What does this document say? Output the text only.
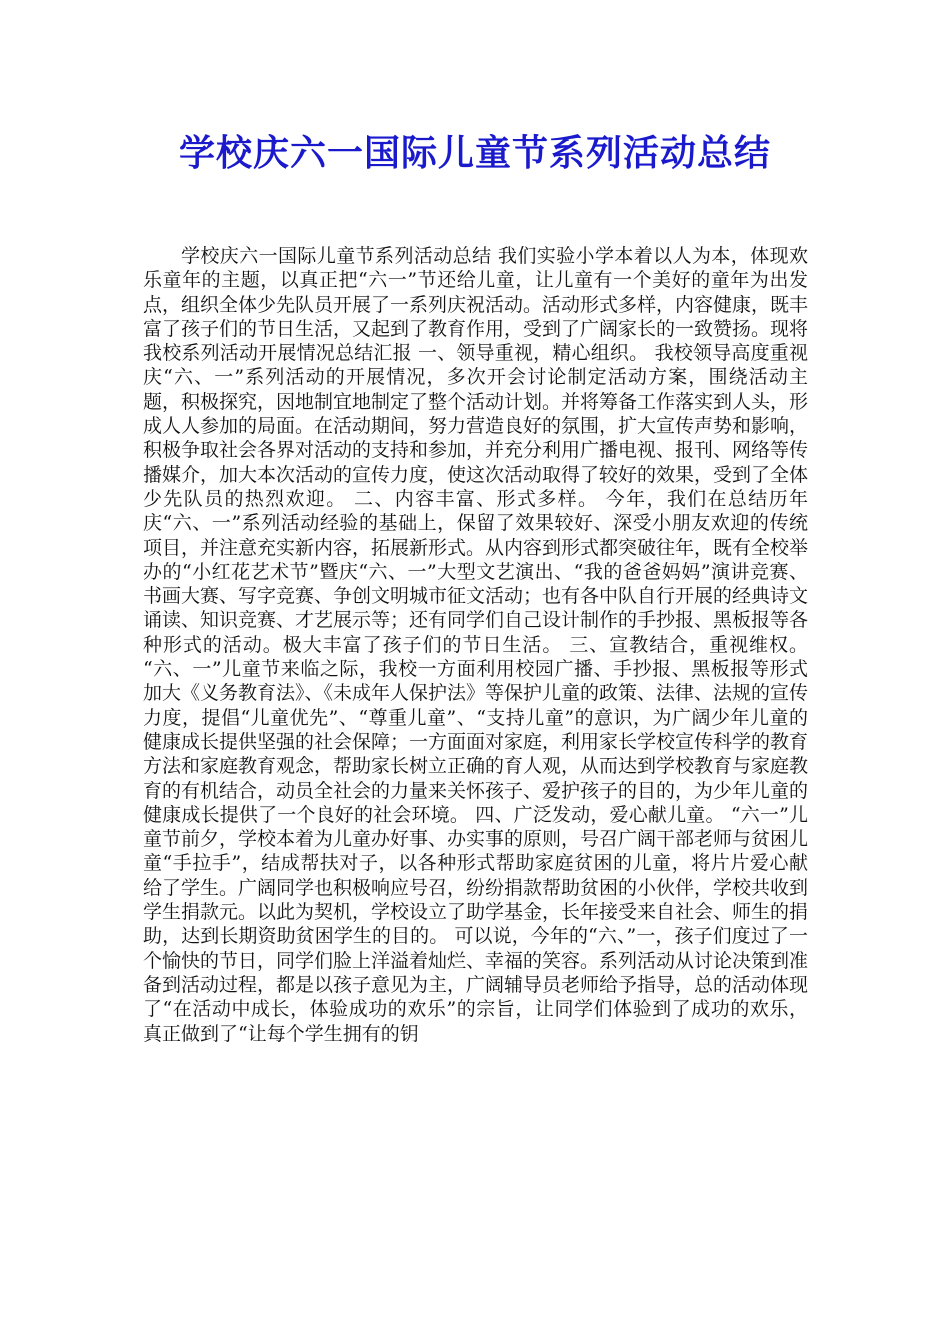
学校庆六一国际儿童节系列活动总结

学校庆六一国际儿童节系列活动总结 我们实验小学本着以人为本，体现欢乐童年的主题，以真正把“六一”节还给儿童，让儿童有一个美好的童年为出发点，组织全体少先队员开展了一系列庆祝活动。活动形式多样，内容健康，既丰富了孩子们的节日生活，又起到了教育作用，受到了广阔家长的一致赞扬。现将我校系列活动开展情况总结汇报 一、领导重视，精心组织。 我校领导高度重视庆“六、一”系列活动的开展情况，多次开会讨论制定活动方案，围绕活动主题，积极探究，因地制宜地制定了整个活动计划。并将筹备工作落实到人头，形成人人参加的局面。在活动期间，努力营造良好的氛围，扩大宣传声势和影响，积极争取社会各界对活动的支持和参加，并充分利用广播电视、报刊、网络等传播媒介，加大本次活动的宣传力度，使这次活动取得了较好的效果，受到了全体少先队员的热烈欢迎。 二、内容丰富、形式多样。 今年，我们在总结历年庆“六、一”系列活动经验的基础上，保留了效果较好、深受小朋友欢迎的传统项目，并注意充实新内容，拓展新形式。从内容到形式都突破往年，既有全校举办的“小红花艺术节”暨庆“六、一”大型文艺演出、“我的爸爸妈妈”演讲竞赛、书画大赛、写字竞赛、争创文明城市征文活动；也有各中队自行开展的经典诗文诵读、知识竞赛、才艺展示等；还有同学们自己设计制作的手抄报、黑板报等各种形式的活动。极大丰富了孩子们的节日生活。 三、宣教结合，重视维权。 “六、一”儿童节来临之际，我校一方面利用校园广播、手抄报、黑板报等形式加大《义务教育法》、《未成年人保护法》等保护儿童的政策、法律、法规的宣传力度，提倡“儿童优先”、“尊重儿童”、“支持儿童”的意识，为广阔少年儿童的健康成长提供坚强的社会保障；一方面面对家庭，利用家长学校宣传科学的教育方法和家庭教育观念，帮助家长树立正确的育人观，从而达到学校教育与家庭教育的有机结合，动员全社会的力量来关怀孩子、爱护孩子的目的，为少年儿童的健康成长提供了一个良好的社会环境。 四、广泛发动，爱心献儿童。 “六一”儿童节前夕，学校本着为儿童办好事、办实事的原则，号召广阔干部老师与贫困儿童“手拉手”，结成帮扶对子，以各种形式帮助家庭贫困的儿童，将片片爱心献给了学生。广阔同学也积极响应号召，纷纷捐款帮助贫困的小伙伴，学校共收到学生捐款元。以此为契机，学校设立了助学基金，长年接受来自社会、师生的捐助，达到长期资助贫困学生的目的。 可以说，今年的“六、”一，孩子们度过了一个愉快的节日，同学们脸上洋溢着灿烂、幸福的笑容。系列活动从讨论决策到准备到活动过程，都是以孩子意见为主，广阔辅导员老师给予指导，总的活动体现了“在活动中成长，体验成功的欢乐”的宗旨，让同学们体验到了成功的欢乐，真正做到了“让每个学生拥有的钥
